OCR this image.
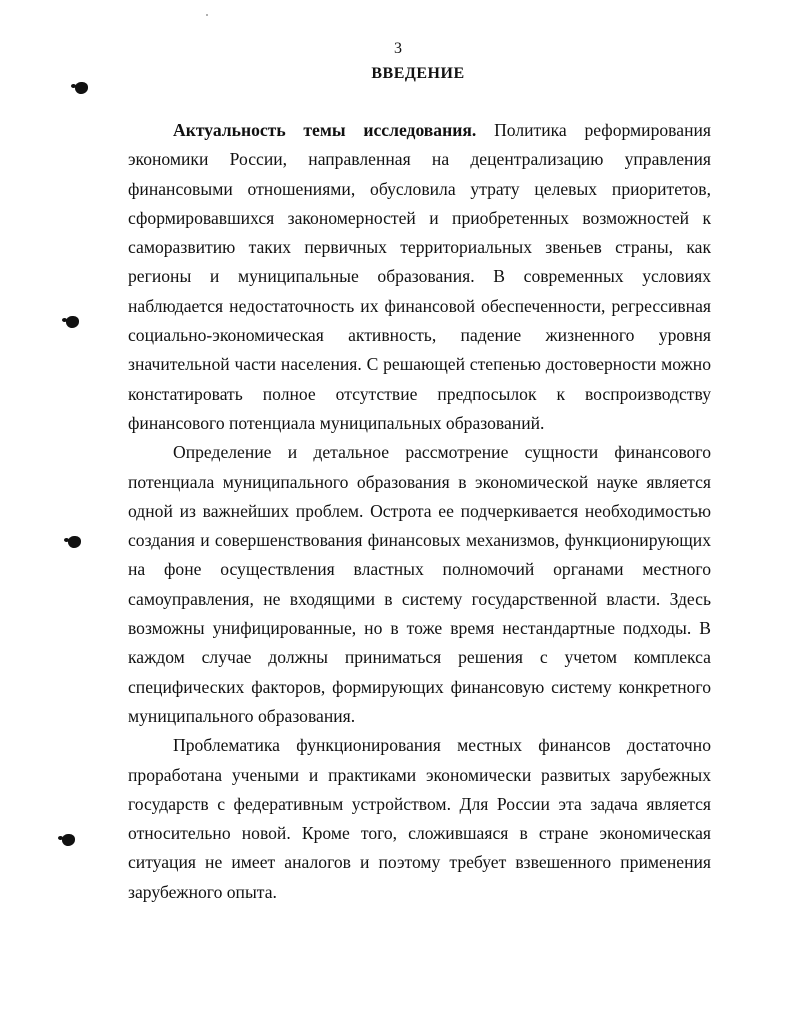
3
ВВЕДЕНИЕ

Актуальность темы исследования. Политика реформирования экономики России, направленная на децентрализацию управления финансовыми отношениями, обусловила утрату целевых приоритетов, сформировавшихся закономерностей и приобретенных возможностей к саморазвитию таких первичных территориальных звеньев страны, как регионы и муниципальные образования. В современных условиях наблюдается недостаточность их финансовой обеспеченности, регрессивная социально-экономическая активность, падение жизненного уровня значительной части населения. С решающей степенью достоверности можно констатировать полное отсутствие предпосылок к воспроизводству финансового потенциала муниципальных образований.

Определение и детальное рассмотрение сущности финансового потенциала муниципального образования в экономической науке является одной из важнейших проблем. Острота ее подчеркивается необходимостью создания и совершенствования финансовых механизмов, функционирующих на фоне осуществления властных полномочий органами местного самоуправления, не входящими в систему государственной власти. Здесь возможны унифицированные, но в тоже время нестандартные подходы. В каждом случае должны приниматься решения с учетом комплекса специфических факторов, формирующих финансовую систему конкретного муниципального образования.

Проблематика функционирования местных финансов достаточно проработана учеными и практиками экономически развитых зарубежных государств с федеративным устройством. Для России эта задача является относительно новой. Кроме того, сложившаяся в стране экономическая ситуация не имеет аналогов и поэтому требует взвешенного применения зарубежного опыта.
